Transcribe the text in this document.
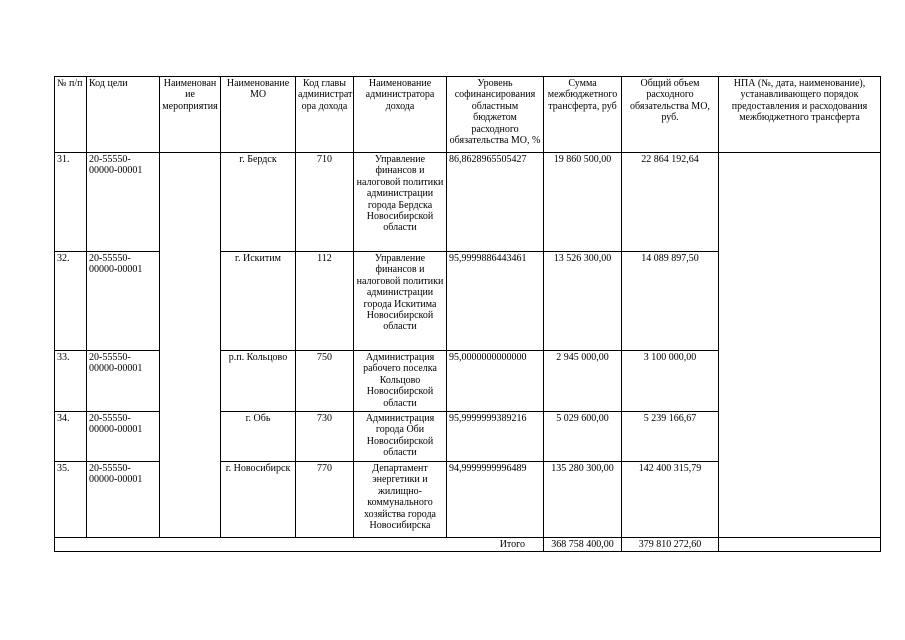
№ п/п	Код цели	Наименован ие мероприятия	Наименование МО	Код главы администрат ора дохода	Наименование администратора дохода	Уровень софинансирования областным бюджетом расходного обязательства МО, %	Сумма межбюджетного трансферта, руб	Общий объем расходного обязательства МО, руб.	НПА (№, дата, наименование), устанавливающего порядок предоставления и расходования межбюджетного трансферта
31.	20-55550-00000-00001		г. Бердск	710	Управление финансов и налоговой политики администрации города Бердска Новосибирской области	86,8628965505427	19 860 500,00	22 864 192,64	
32.	20-55550-00000-00001		г. Искитим	112	Управление финансов и налоговой политики администрации города Искитима Новосибирской области	95,9999886443461	13 526 300,00	14 089 897,50	
33.	20-55550-00000-00001		р.п. Кольцово	750	Администрация рабочего поселка Кольцово Новосибирской области	95,0000000000000	2 945 000,00	3 100 000,00	
34.	20-55550-00000-00001		г. Обь	730	Администрация города Оби Новосибирской области	95,9999999389216	5 029 600,00	5 239 166,67	
35.	20-55550-00000-00001		г. Новосибирск	770	Департамент энергетики и жилищно-коммунального хозяйства города Новосибирска	94,9999999996489	135 280 300,00	142 400 315,79	
Итого							368 758 400,00	379 810 272,60	
